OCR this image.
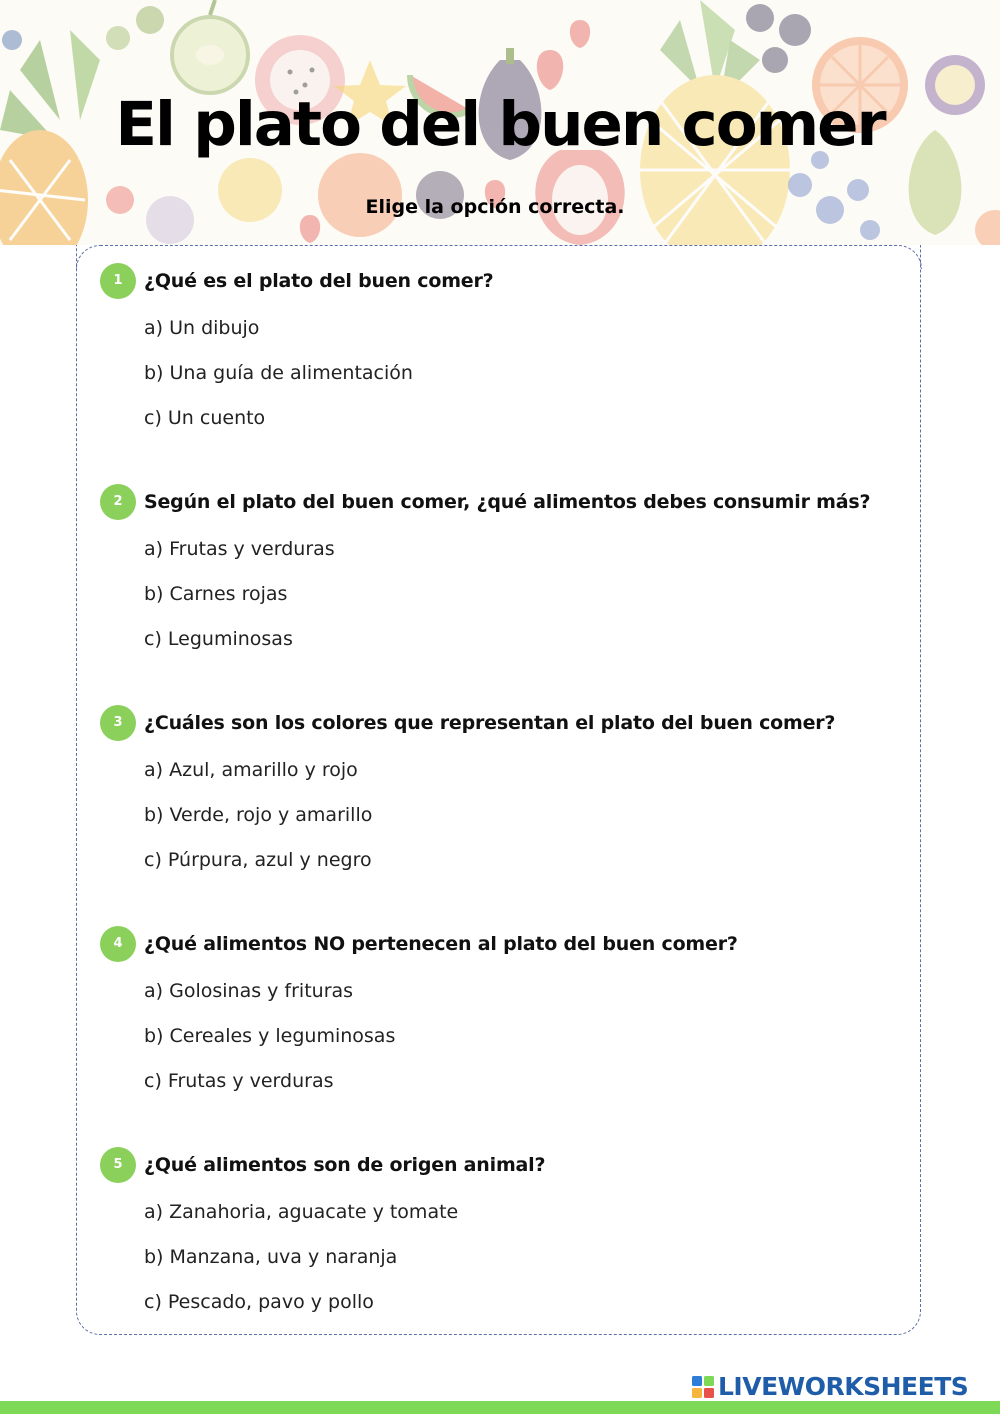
El plato del buen comer

Elige la opción correcta.

1	¿Qué es el plato del buen comer?
a) Un dibujo
b) Una guía de alimentación
c) Un cuento
2	Según el plato del buen comer, ¿qué alimentos debes consumir más?
a) Frutas y verduras
b) Carnes rojas
c) Leguminosas
3	¿Cuáles son los colores que representan el plato del buen comer?
a) Azul, amarillo y rojo
b) Verde, rojo y amarillo
c) Púrpura, azul y negro
4	¿Qué alimentos NO pertenecen al plato del buen comer?
a) Golosinas y frituras
b) Cereales y leguminosas
c) Frutas y verduras
5	¿Qué alimentos son de origen animal?
a) Zanahoria, aguacate y tomate
b) Manzana, uva y naranja
c) Pescado, pavo y pollo
LIVEWORKSHEETS
